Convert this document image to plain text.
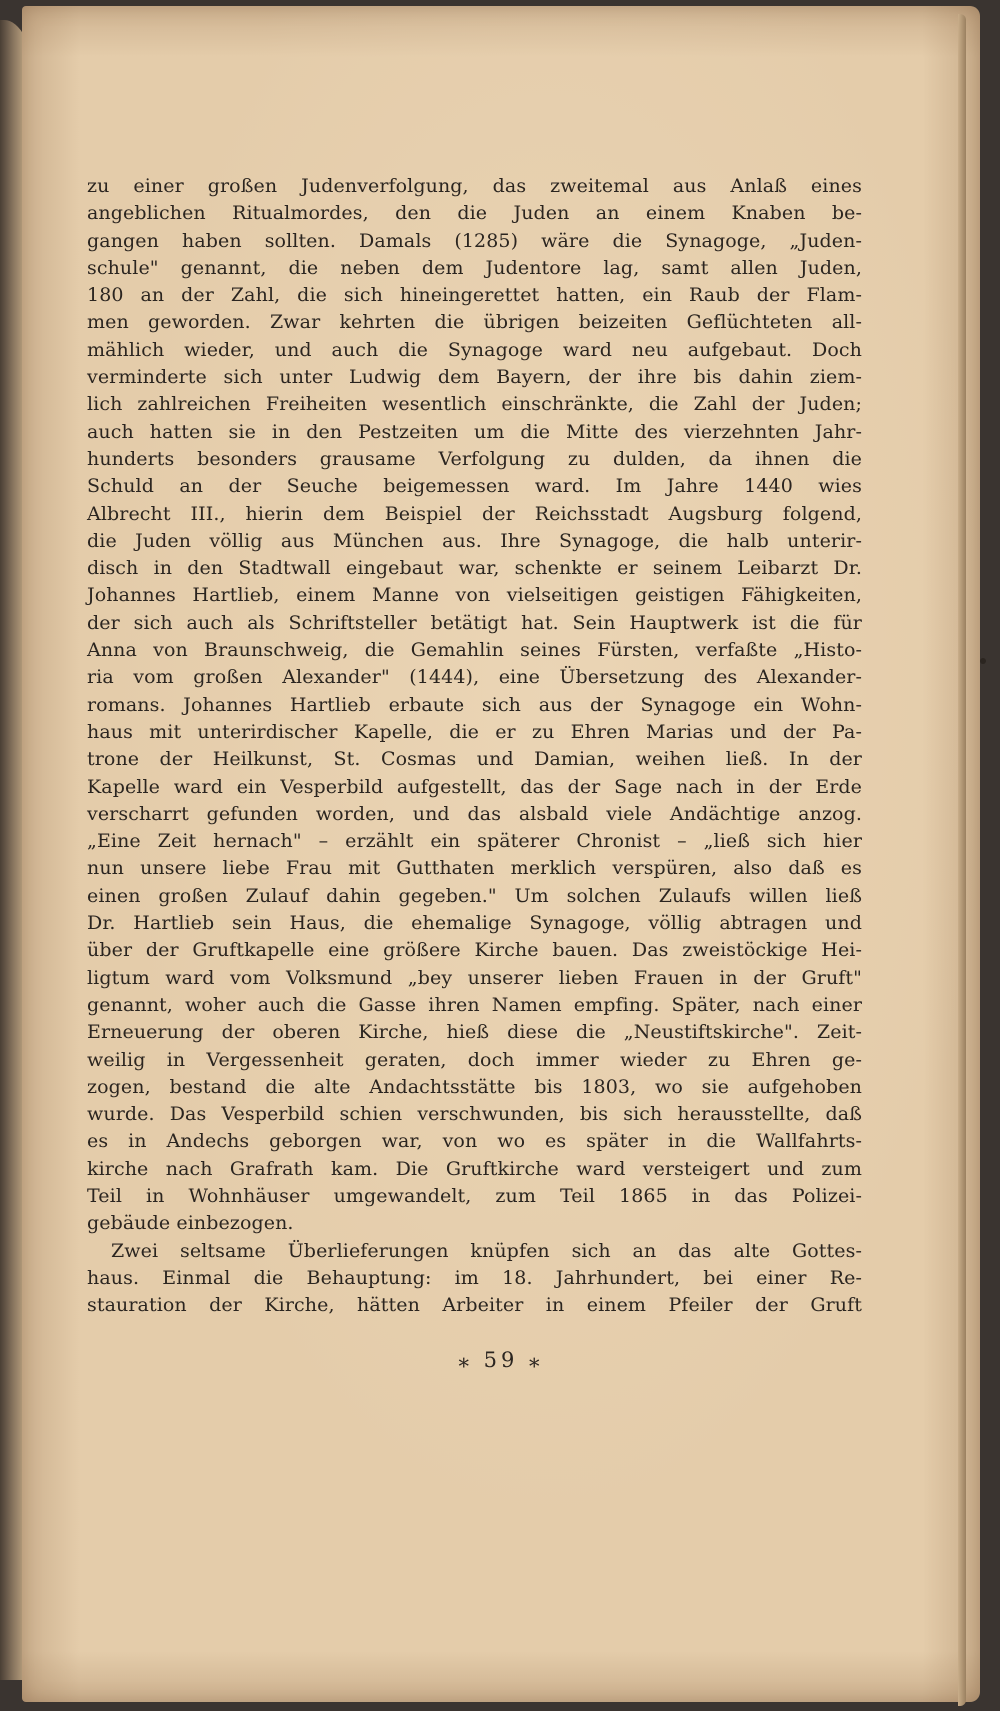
zu einer großen Judenverfolgung, das zweitemal aus Anlaß eines
angeblichen Ritualmordes, den die Juden an einem Knaben be-
gangen haben sollten. Damals (1285) wäre die Synagoge, „Juden-
schule" genannt, die neben dem Judentore lag, samt allen Juden,
180 an der Zahl, die sich hineingerettet hatten, ein Raub der Flam-
men geworden. Zwar kehrten die übrigen beizeiten Geflüchteten all-
mählich wieder, und auch die Synagoge ward neu aufgebaut. Doch
verminderte sich unter Ludwig dem Bayern, der ihre bis dahin ziem-
lich zahlreichen Freiheiten wesentlich einschränkte, die Zahl der Juden;
auch hatten sie in den Pestzeiten um die Mitte des vierzehnten Jahr-
hunderts besonders grausame Verfolgung zu dulden, da ihnen die
Schuld an der Seuche beigemessen ward. Im Jahre 1440 wies
Albrecht III., hierin dem Beispiel der Reichsstadt Augsburg folgend,
die Juden völlig aus München aus. Ihre Synagoge, die halb unterir-
disch in den Stadtwall eingebaut war, schenkte er seinem Leibarzt Dr.
Johannes Hartlieb, einem Manne von vielseitigen geistigen Fähigkeiten,
der sich auch als Schriftsteller betätigt hat. Sein Hauptwerk ist die für
Anna von Braunschweig, die Gemahlin seines Fürsten, verfaßte „Histo-
ria vom großen Alexander" (1444), eine Übersetzung des Alexander-
romans. Johannes Hartlieb erbaute sich aus der Synagoge ein Wohn-
haus mit unterirdischer Kapelle, die er zu Ehren Marias und der Pa-
trone der Heilkunst, St. Cosmas und Damian, weihen ließ. In der
Kapelle ward ein Vesperbild aufgestellt, das der Sage nach in der Erde
verscharrt gefunden worden, und das alsbald viele Andächtige anzog.
„Eine Zeit hernach" – erzählt ein späterer Chronist – „ließ sich hier
nun unsere liebe Frau mit Gutthaten merklich verspüren, also daß es
einen großen Zulauf dahin gegeben." Um solchen Zulaufs willen ließ
Dr. Hartlieb sein Haus, die ehemalige Synagoge, völlig abtragen und
über der Gruftkapelle eine größere Kirche bauen. Das zweistöckige Hei-
ligtum ward vom Volksmund „bey unserer lieben Frauen in der Gruft"
genannt, woher auch die Gasse ihren Namen empfing. Später, nach einer
Erneuerung der oberen Kirche, hieß diese die „Neustiftskirche". Zeit-
weilig in Vergessenheit geraten, doch immer wieder zu Ehren ge-
zogen, bestand die alte Andachtsstätte bis 1803, wo sie aufgehoben
wurde. Das Vesperbild schien verschwunden, bis sich herausstellte, daß
es in Andechs geborgen war, von wo es später in die Wallfahrts-
kirche nach Grafrath kam. Die Gruftkirche ward versteigert und zum
Teil in Wohnhäuser umgewandelt, zum Teil 1865 in das Polizei-
gebäude einbezogen.
Zwei seltsame Überlieferungen knüpfen sich an das alte Gottes-
haus. Einmal die Behauptung: im 18. Jahrhundert, bei einer Re-
stauration der Kirche, hätten Arbeiter in einem Pfeiler der Gruft
⁎ 59 ⁎
